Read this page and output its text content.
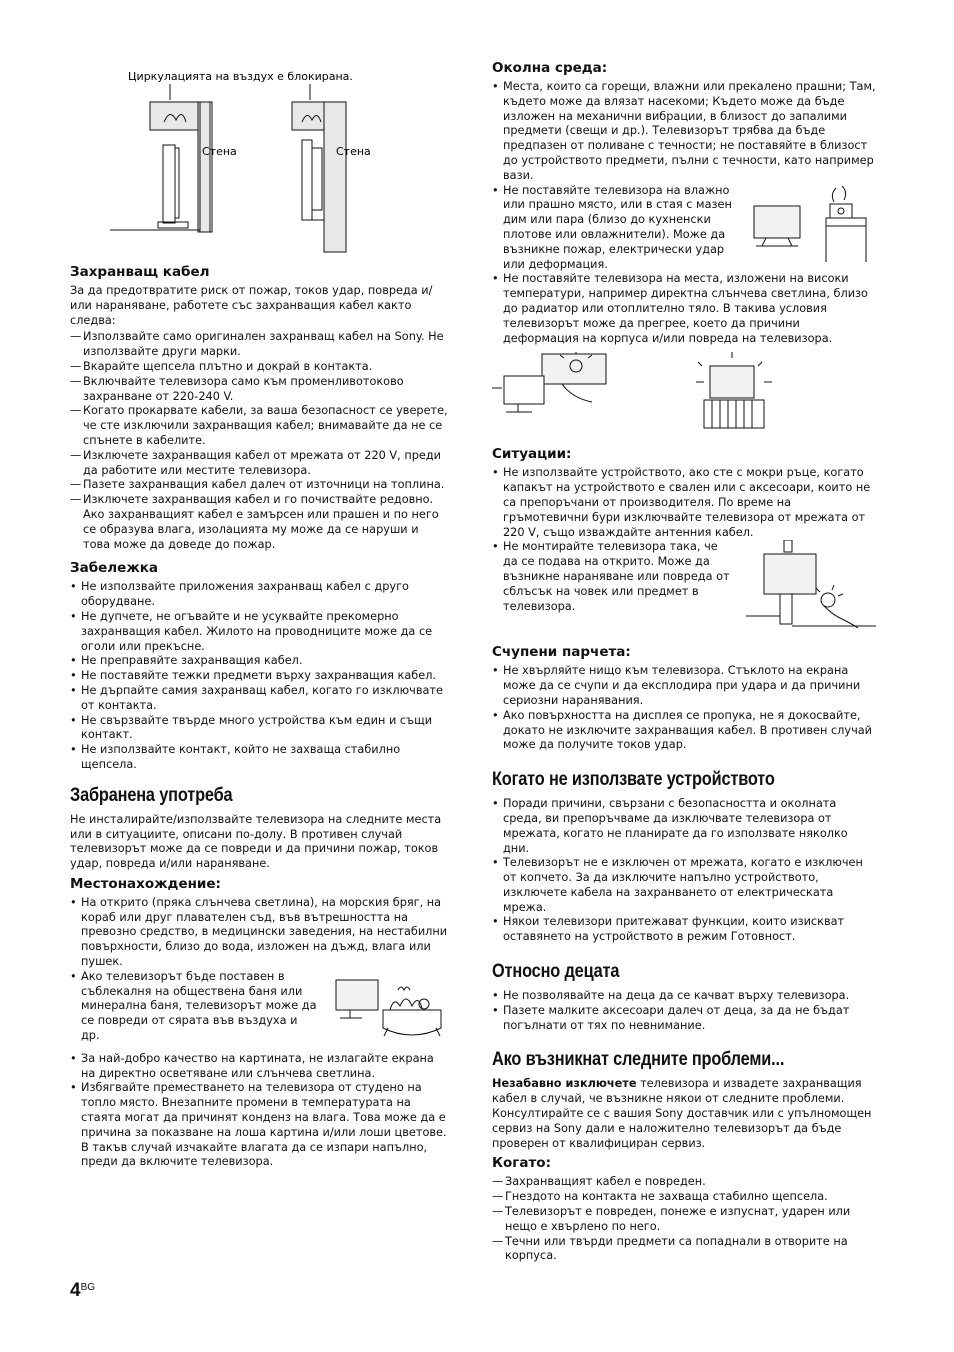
Циркулацията на въздух е блокирана.
Стена	Стена
Захранващ кабел

За да предотвратите риск от пожар, токов удар, повреда и/или нараняване, работете със захранващия кабел както следва:

— Използвайте само оригинален захранващ кабел на Sony. Не използвайте други марки.
— Вкарайте щепсела плътно и докрай в контакта.
— Включвайте телевизора само към променливотоково захранване от 220-240 V.
— Когато прокарвате кабели, за ваша безопасност се уверете, че сте изключили захранващия кабел; внимавайте да не се спънете в кабелите.
— Изключете захранващия кабел от мрежата от 220 V, преди да работите или местите телевизора.
— Пазете захранващия кабел далеч от източници на топлина.
— Изключете захранващия кабел и го почиствайте редовно. Ако захранващият кабел е замърсен или прашен и по него се образува влага, изолацията му може да се наруши и това може да доведе до пожар.
Забележка
• Не използвайте приложения захранващ кабел с друго оборудване.
• Не дупчете, не огъвайте и не усуквайте прекомерно захранващия кабел. Жилото на проводниците може да се оголи или прекъсне.
• Не преправяйте захранващия кабел.
• Не поставяйте тежки предмети върху захранващия кабел.
• Не дърпайте самия захранващ кабел, когато го изключвате от контакта.
• Не свързвайте твърде много устройства към един и същи контакт.
• Не използвайте контакт, който не захваща стабилно щепсела.
Забранена употреба

Не инсталирайте/използвайте телевизора на следните места или в ситуациите, описани по-долу. В противен случай телевизорът може да се повреди и да причини пожар, токов удар, повреда и/или нараняване.

Местонахождение:
• На открито (пряка слънчева светлина), на морския бряг, на кораб или друг плавателен съд, във вътрешността на превозно средство, в медицински заведения, на нестабилни повърхности, близо до вода, изложен на дъжд, влага или пушек.
• Ако телевизорът бъде поставен в съблекалня на обществена баня или минерална баня, телевизорът може да се повреди от сярата във въздуха и др.
• За най-добро качество на картината, не излагайте екрана на директно осветяване или слънчева светлина.
• Избягвайте преместването на телевизора от студено на топло място. Внезапните промени в температурата на стаята могат да причинят конденз на влага. Това може да е причина за показване на лоша картина и/или лоши цветове. В такъв случай изчакайте влагата да се изпари напълно, преди да включите телевизора.
Околна среда:
• Места, които са горещи, влажни или прекалено прашни; Там, където може да влязат насекоми; Където може да бъде изложен на механични вибрации, в близост до запалими предмети (свещи и др.). Телевизорът трябва да бъде предпазен от поливане с течности; не поставяйте в близост до устройството предмети, пълни с течности, като например вази.
• Не поставяйте телевизора на влажно или прашно място, или в стая с мазен дим или пара (близо до кухненски плотове или овлажнители). Може да възникне пожар, електрически удар или деформация.
• Не поставяйте телевизора на места, изложени на високи температури, например директна слънчева светлина, близо до радиатор или отоплително тяло. В такива условия телевизорът може да прегрее, което да причини деформация на корпуса и/или повреда на телевизора.
Ситуации:
• Не използвайте устройството, ако сте с мокри ръце, когато капакът на устройството е свален или с аксесоари, които не са препоръчани от производителя. По време на гръмотевични бури изключвайте телевизора от мрежата от 220 V, също изваждайте антенния кабел.
• Не монтирайте телевизора така, че да се подава на открито. Може да възникне нараняване или повреда от сблъсък на човек или предмет в телевизора.
Счупени парчета:
• Не хвърляйте нищо към телевизора. Стъклото на екрана може да се счупи и да експлодира при удара и да причини сериозни наранявания.
• Ако повърхността на дисплея се пропука, не я докосвайте, докато не изключите захранващия кабел. В противен случай може да получите токов удар.
Когато не използвате устройството
• Поради причини, свързани с безопасността и околната среда, ви препоръчваме да изключвате телевизора от мрежата, когато не планирате да го използвате няколко дни.
• Телевизорът не е изключен от мрежата, когато е изключен от копчето. За да изключите напълно устройството, изключете кабела на захранването от електрическата мрежа.
• Някои телевизори притежават функции, които изискват оставянето на устройството в режим Готовност.
Относно децата
• Не позволявайте на деца да се качват върху телевизора.
• Пазете малките аксесоари далеч от деца, за да не бъдат погълнати от тях по невнимание.
Ако възникнат следните проблеми...

Незабавно изключете телевизора и извадете захранващия кабел в случай, че възникне някои от следните проблеми. Консултирайте се с вашия Sony доставчик или с упълномощен сервиз на Sony дали е наложително телевизорът да бъде проверен от квалифициран сервиз.

Когато:
— Захранващият кабел е повреден.
— Гнездото на контакта не захваща стабилно щепсела.
— Телевизорът е повреден, понеже е изпуснат, ударен или нещо е хвърлено по него.
— Течни или твърди предмети са попаднали в отворите на корпуса.
$4^{BG}$
